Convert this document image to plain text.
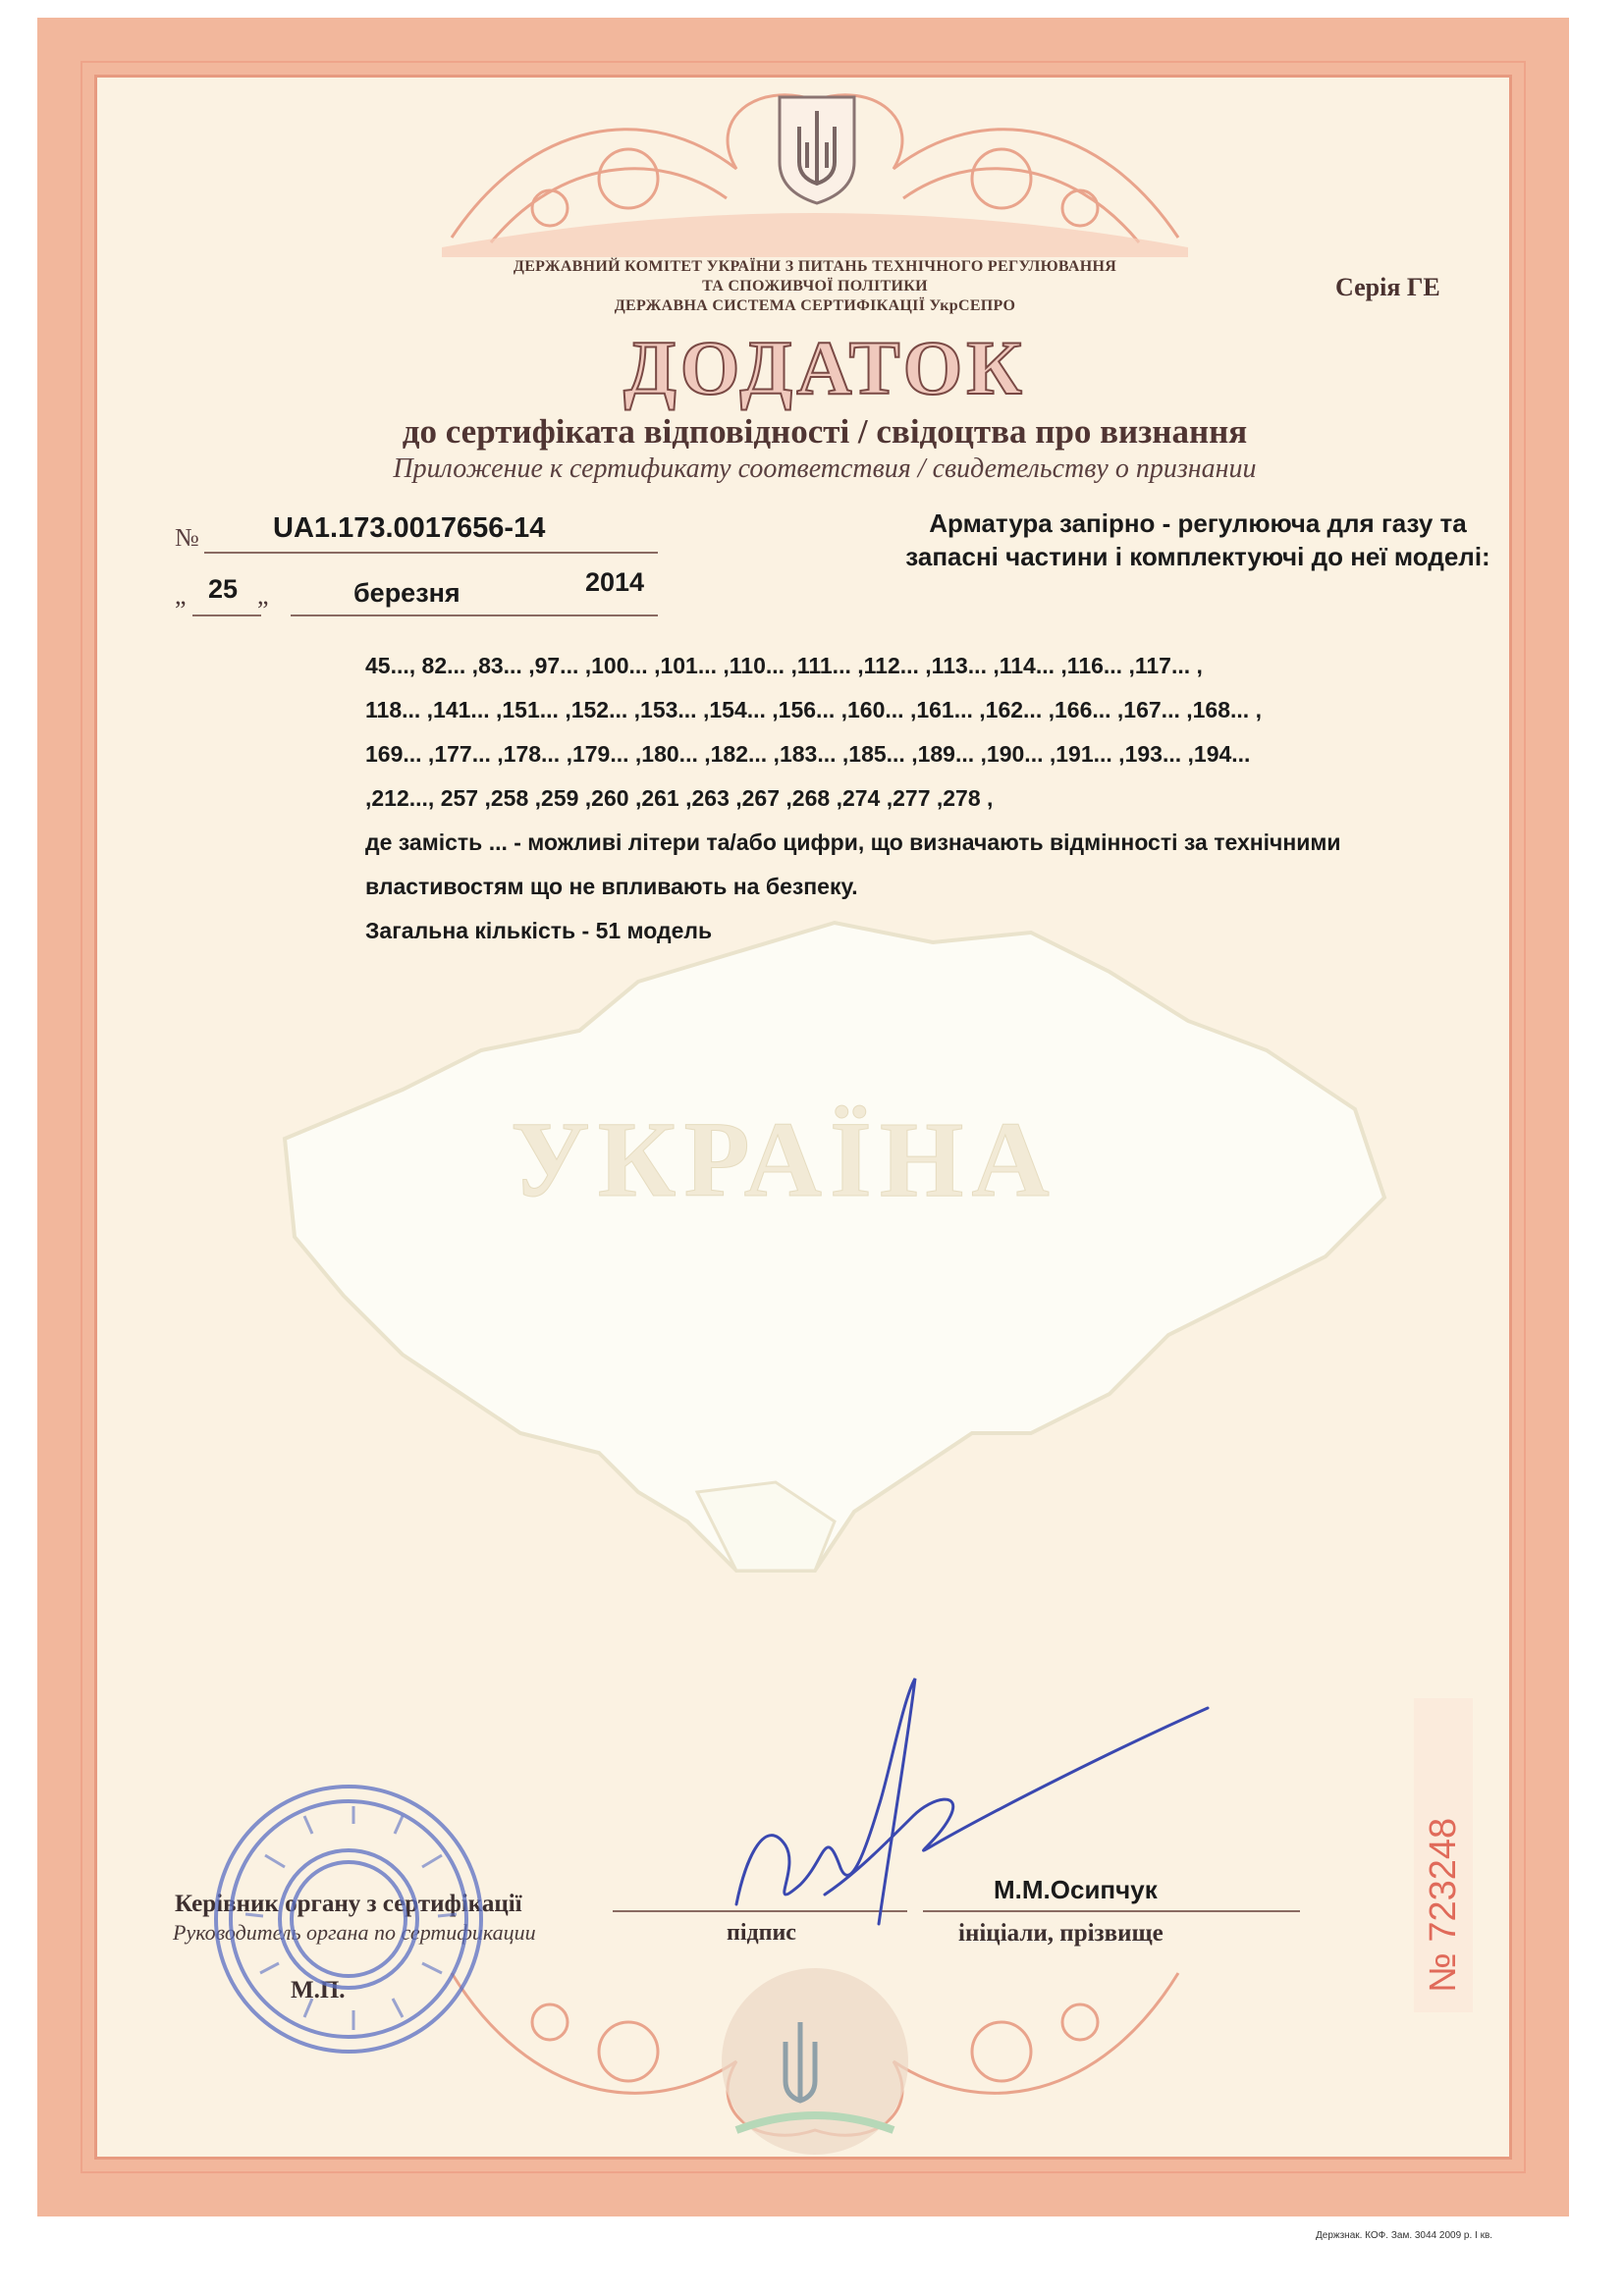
ДЕРЖАВНИЙ КОМІТЕТ УКРАЇНИ З ПИТАНЬ ТЕХНІЧНОГО РЕГУЛЮВАННЯ
ТА СПОЖИВЧОЇ ПОЛІТИКИ
ДЕРЖАВНА СИСТЕМА СЕРТИФІКАЦІЇ УкрСЕПРО
Серія ГЕ
ДОДАТОК
до сертифіката відповідності / свідоцтва про визнання
Приложение к сертификату соответствия / свидетельству о признании
УКРАЇНА
№	UA1.173.0017656-14
„ 25 „	березня	2014
Арматура запірно - регулююча для газу та
запасні частини і комплектуючі до неї моделі:
45..., 82... ,83... ,97... ,100... ,101... ,110... ,111... ,112... ,113... ,114... ,116... ,117... ,
118... ,141... ,151... ,152... ,153... ,154... ,156... ,160... ,161... ,162... ,166... ,167... ,168... ,
169... ,177... ,178... ,179... ,180... ,182... ,183... ,185... ,189... ,190... ,191... ,193... ,194...
,212..., 257 ,258 ,259 ,260 ,261 ,263 ,267 ,268 ,274 ,277 ,278 ,
де замість ... - можливі літери та/або цифри, що визначають відмінності за технічними
властивостям що не впливають на безпеку.
Загальна кількість - 51 модель
№ 723248
Керівник органу з сертифікації
Руководитель органа по сертификации
М.П.
підпис
М.М.Осипчук
ініціали, прізвище
Держзнак. КОФ. Зам. 3044 2009 р. І кв.
